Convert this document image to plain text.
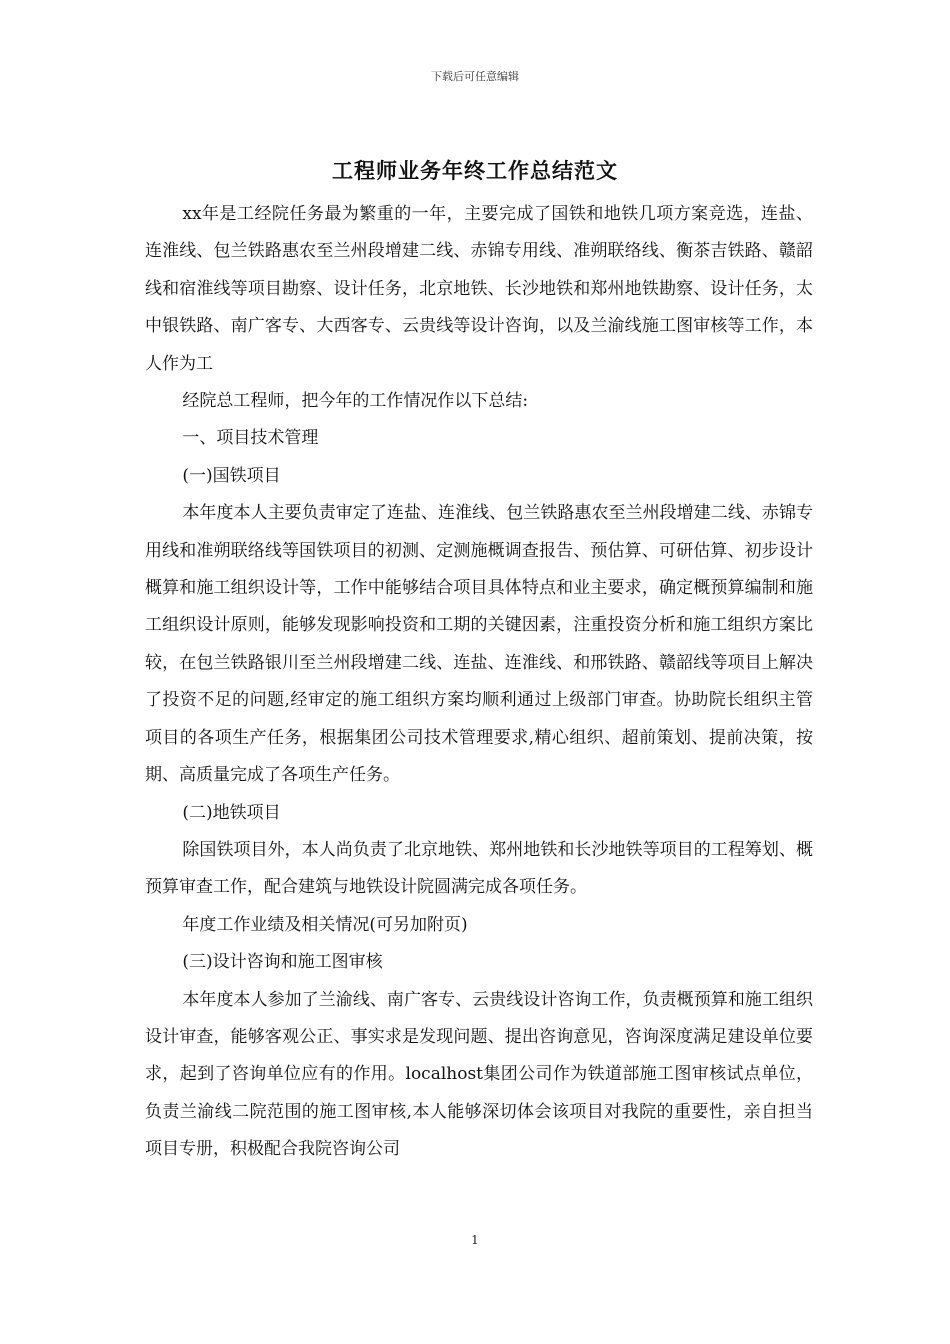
下载后可任意编辑
工程师业务年终工作总结范文

xx年是工经院任务最为繁重的一年，主要完成了国铁和地铁几项方案竞选，连盐、连淮线、包兰铁路惠农至兰州段增建二线、赤锦专用线、准朔联络线、衡茶吉铁路、赣韶线和宿淮线等项目勘察、设计任务，北京地铁、长沙地铁和郑州地铁勘察、设计任务，太中银铁路、南广客专、大西客专、云贵线等设计咨询，以及兰渝线施工图审核等工作，本人作为工

经院总工程师，把今年的工作情况作以下总结:

一、项目技术管理

(一)国铁项目

本年度本人主要负责审定了连盐、连淮线、包兰铁路惠农至兰州段增建二线、赤锦专用线和准朔联络线等国铁项目的初测、定测施概调查报告、预估算、可研估算、初步设计概算和施工组织设计等，工作中能够结合项目具体特点和业主要求，确定概预算编制和施工组织设计原则，能够发现影响投资和工期的关键因素，注重投资分析和施工组织方案比较，在包兰铁路银川至兰州段增建二线、连盐、连淮线、和邢铁路、赣韶线等项目上解决了投资不足的问题,经审定的施工组织方案均顺利通过上级部门审查。协助院长组织主管项目的各项生产任务，根据集团公司技术管理要求,精心组织、超前策划、提前决策，按期、高质量完成了各项生产任务。

(二)地铁项目

除国铁项目外，本人尚负责了北京地铁、郑州地铁和长沙地铁等项目的工程筹划、概预算审查工作，配合建筑与地铁设计院圆满完成各项任务。

年度工作业绩及相关情况(可另加附页)

(三)设计咨询和施工图审核

本年度本人参加了兰渝线、南广客专、云贵线设计咨询工作，负责概预算和施工组织设计审查，能够客观公正、事实求是发现问题、提出咨询意见，咨询深度满足建设单位要求，起到了咨询单位应有的作用。localhost集团公司作为铁道部施工图审核试点单位，负责兰渝线二院范围的施工图审核,本人能够深切体会该项目对我院的重要性，亲自担当项目专册，积极配合我院咨询公司

1
